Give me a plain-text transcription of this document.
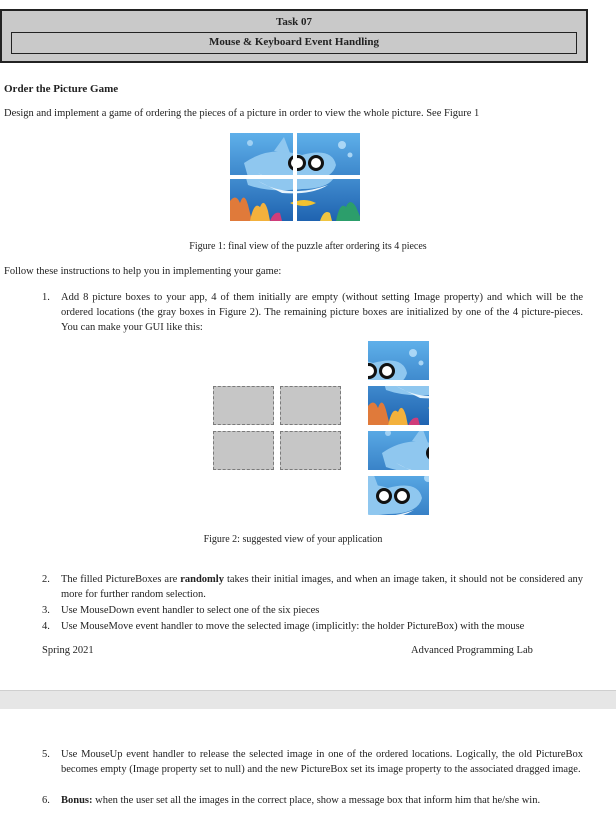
Task 07
Mouse & Keyboard Event Handling
Order the Picture Game
Design and implement a game of ordering the pieces of a picture in order to view the whole picture. See Figure 1
Figure 1: final view of the puzzle after ordering its 4 pieces
Follow these instructions to help you in implementing your game:
1. Add 8 picture boxes to your app, 4 of them initially are empty (without setting Image property) and which will be the ordered locations (the gray boxes in Figure 2). The remaining picture boxes are initialized by one of the 4 picture-pieces. You can make your GUI like this:
Figure 2: suggested view of your application
2. The filled PictureBoxes are randomly takes their initial images, and when an image taken, it should not be considered any more for further random selection.
3. Use MouseDown event handler to select one of the six pieces
4. Use MouseMove event handler to move the selected image (implicitly: the holder PictureBox) with the mouse
Spring 2021	Advanced Programming Lab
5. Use MouseUp event handler to release the selected image in one of the ordered locations. Logically, the old PictureBox becomes empty (Image property set to null) and the new PictureBox set its image property to the associated dragged image.
6. Bonus: when the user set all the images in the correct place, show a message box that inform him that he/she win.
